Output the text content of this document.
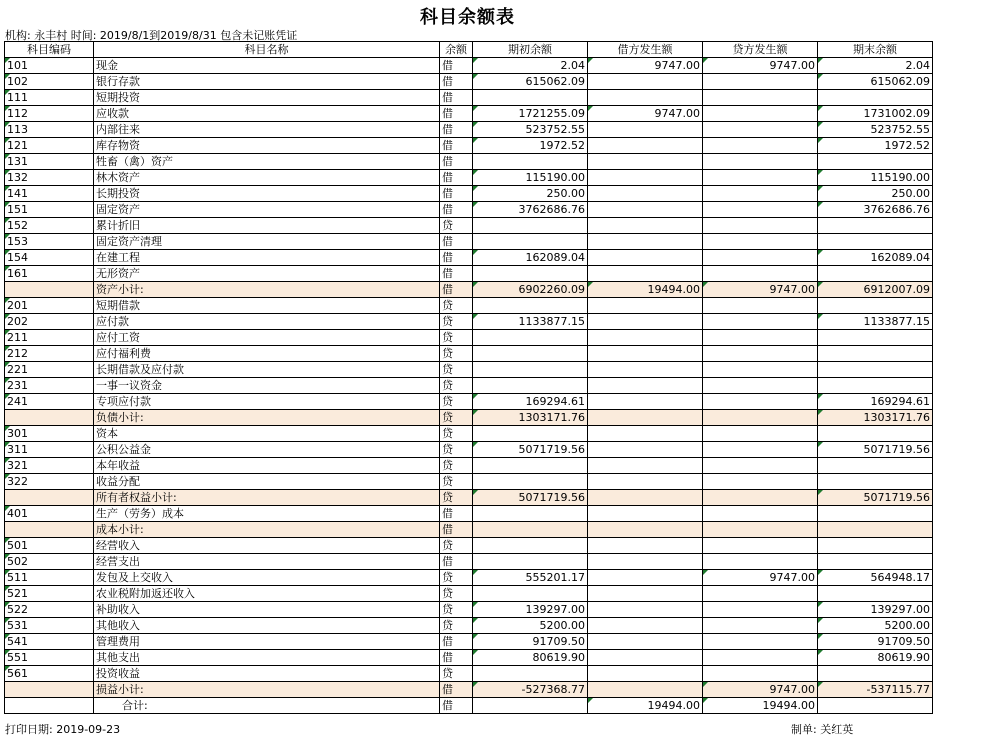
科目余额表
机构: 永丰村 时间: 2019/8/1到2019/8/31 包含未记账凭证
科目编码	科目名称	余额	期初余额	借方发生额	贷方发生额	期末余额
101	现金	借	2.04	9747.00	9747.00	2.04
102	银行存款	借	615062.09			615062.09
111	短期投资	借				
112	应收款	借	1721255.09	9747.00		1731002.09
113	内部往来	借	523752.55			523752.55
121	库存物资	借	1972.52			1972.52
131	牲畜（禽）资产	借				
132	林木资产	借	115190.00			115190.00
141	长期投资	借	250.00			250.00
151	固定资产	借	3762686.76			3762686.76
152	累计折旧	贷				
153	固定资产清理	借				
154	在建工程	借	162089.04			162089.04
161	无形资产	借				
	资产小计:	借	6902260.09	19494.00	9747.00	6912007.09
201	短期借款	贷				
202	应付款	贷	1133877.15			1133877.15
211	应付工资	贷				
212	应付福利费	贷				
221	长期借款及应付款	贷				
231	一事一议资金	贷				
241	专项应付款	贷	169294.61			169294.61
	负债小计:	贷	1303171.76			1303171.76
301	资本	贷				
311	公积公益金	贷	5071719.56			5071719.56
321	本年收益	贷				
322	收益分配	贷				
	所有者权益小计:	贷	5071719.56			5071719.56
401	生产（劳务）成本	借				
	成本小计:	借				
501	经营收入	贷				
502	经营支出	借				
511	发包及上交收入	贷	555201.17		9747.00	564948.17
521	农业税附加返还收入	贷				
522	补助收入	贷	139297.00			139297.00
531	其他收入	贷	5200.00			5200.00
541	管理费用	借	91709.50			91709.50
551	其他支出	借	80619.90			80619.90
561	投资收益	贷				
	损益小计:	借	-527368.77		9747.00	-537115.77
	合计:	借		19494.00	19494.00	
打印日期: 2019-09-23	制单: 关红英
